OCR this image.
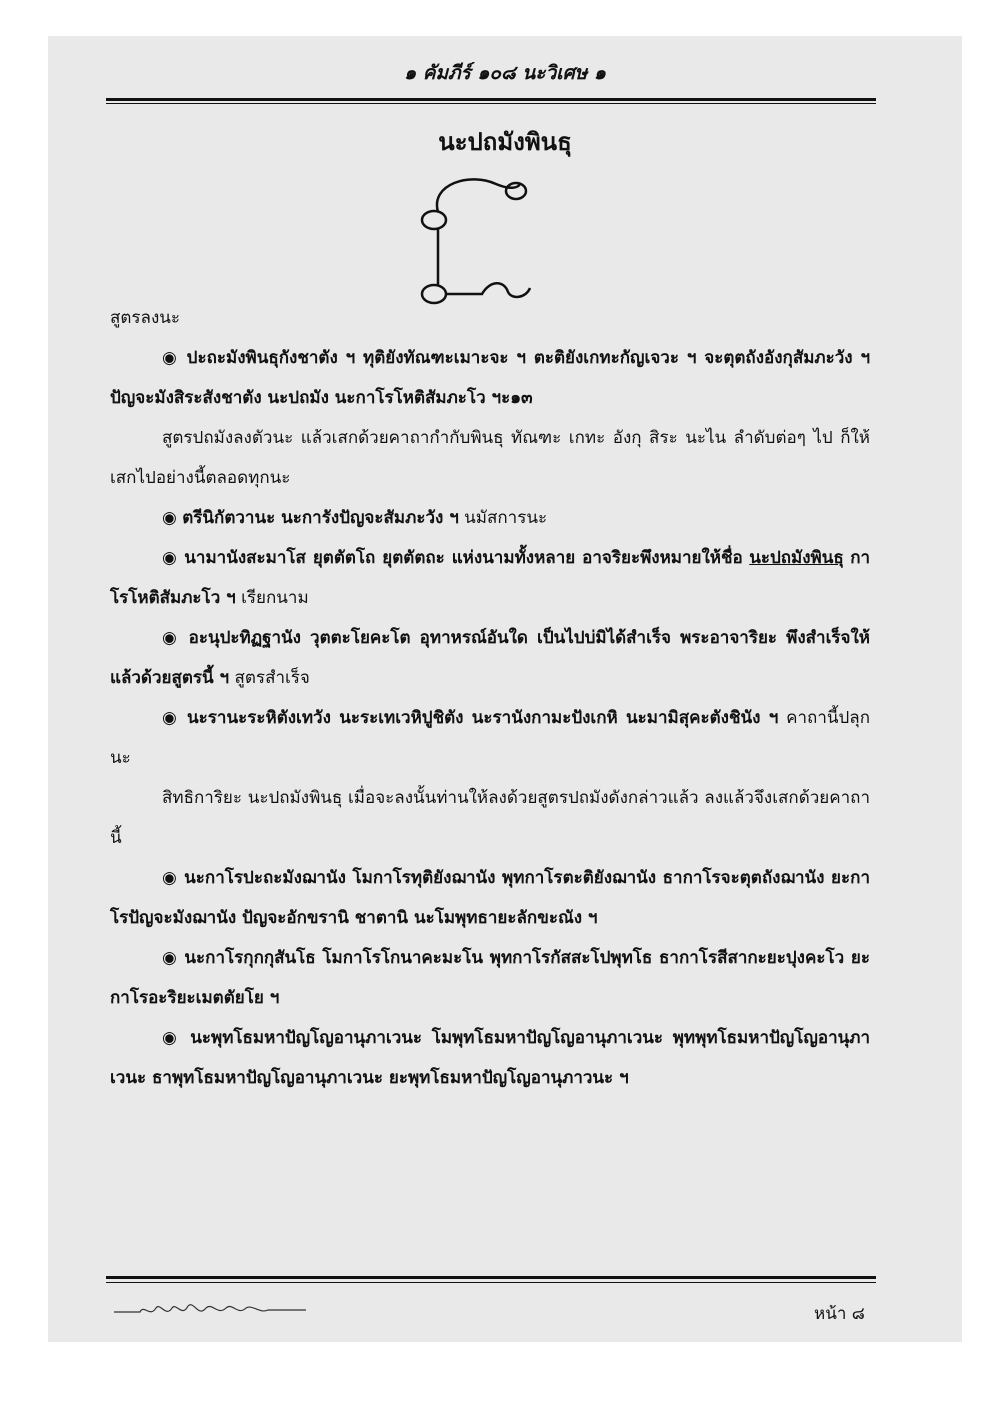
๑ คัมภีร์ ๑๐๘ นะวิเศษ ๑
นะปถมังพินธุ

สูตรลงนะ

◉ ปะถะมังพินธุกังชาตัง ฯ ทุติยังทัณฑะเมาะจะ ฯ ตะติยังเกทะกัญเจวะ ฯ จะตุตถังอังกุสัมภะวัง ฯ ปัญจะมังสิระสังชาตัง นะปถมัง นะกาโรโหติสัมภะโว ฯะ๑๓

สูตรปถมังลงตัวนะ แล้วเสกด้วยคาถากำกับพินธุ ทัณฑะ เกทะ อังกุ สิระ นะไน ลำดับต่อๆ ไป ก็ให้เสกไปอย่างนี้ตลอดทุกนะ

◉ ตรีนิกัตวานะ นะการังปัญจะสัมภะวัง ฯ นมัสการนะ

◉ นามานังสะมาโส ยุตตัตโถ ยุตตัตถะ แห่งนามทั้งหลาย อาจริยะพึงหมายให้ชื่อ นะปถมังพินธุ กาโรโหติสัมภะโว ฯ เรียกนาม

◉ อะนุปะทิฏฐานัง วุตตะโยคะโต อุทาหรณ์อันใด เป็นไปบ่มิได้สำเร็จ พระอาจาริยะ พึงสำเร็จให้แล้วด้วยสูตรนี้ ฯ สูตรสำเร็จ

◉ นะรานะระหิตังเทวัง นะระเทเวหิปูชิตัง นะรานังกามะปังเกหิ นะมามิสุคะตังชินัง ฯ คาถานี้ปลุกนะ

สิทธิการิยะ นะปถมังพินธุ เมื่อจะลงนั้นท่านให้ลงด้วยสูตรปถมังดังกล่าวแล้ว ลงแล้วจึงเสกด้วยคาถานี้

◉ นะกาโรปะถะมังฌานัง โมกาโรทุติยังฌานัง พุทกาโรตะติยังฌานัง ธากาโรจะตุตถังฌานัง ยะกาโรปัญจะมังฌานัง ปัญจะอักขรานิ ชาตานิ นะโมพุทธายะลักขะณัง ฯ

◉ นะกาโรกุกกุสันโธ โมกาโรโกนาคะมะโน พุทกาโรกัสสะโปพุทโธ ธากาโรสีสากะยะปุงคะโว ยะกาโรอะริยะเมตตัยโย ฯ

◉ นะพุทโธมหาปัญโญอานุภาเวนะ โมพุทโธมหาปัญโญอานุภาเวนะ พุทพุทโธมหาปัญโญอานุภาเวนะ ธาพุทโธมหาปัญโญอานุภาเวนะ ยะพุทโธมหาปัญโญอานุภาวนะ ฯ

หน้า ๘
